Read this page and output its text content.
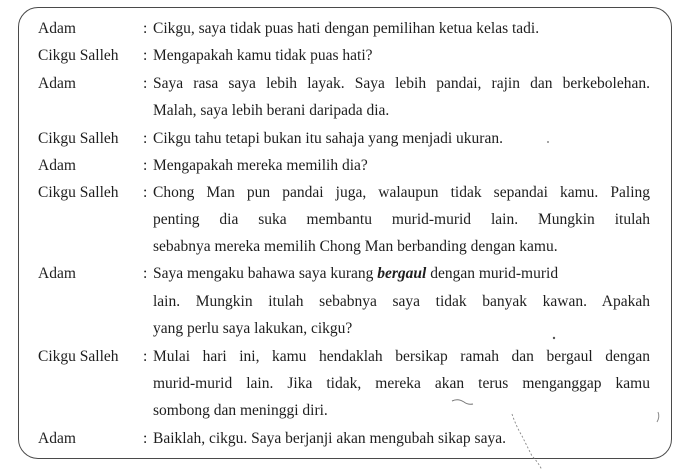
Adam	: Cikgu, saya tidak puas hati dengan pemilihan ketua kelas tadi.
Cikgu Salleh : Mengapakah kamu tidak puas hati?
Adam	: Saya rasa saya lebih layak. Saya lebih pandai, rajin dan berkebolehan.
Malah, saya lebih berani daripada dia.
Cikgu Salleh : Cikgu tahu tetapi bukan itu sahaja yang menjadi ukuran.
Adam	: Mengapakah mereka memilih dia?
Cikgu Salleh : Chong Man pun pandai juga, walaupun tidak sepandai kamu. Paling
penting dia suka membantu murid-murid lain. Mungkin itulah
sebabnya mereka memilih Chong Man berbanding dengan kamu.
Adam	: Saya mengaku bahawa saya kurang bergaul dengan murid-murid
lain. Mungkin itulah sebabnya saya tidak banyak kawan. Apakah
yang perlu saya lakukan, cikgu?
Cikgu Salleh : Mulai hari ini, kamu hendaklah bersikap ramah dan bergaul dengan
murid-murid lain. Jika tidak, mereka akan terus menganggap kamu
sombong dan meninggi diri.
Adam	: Baiklah, cikgu. Saya berjanji akan mengubah sikap saya.
